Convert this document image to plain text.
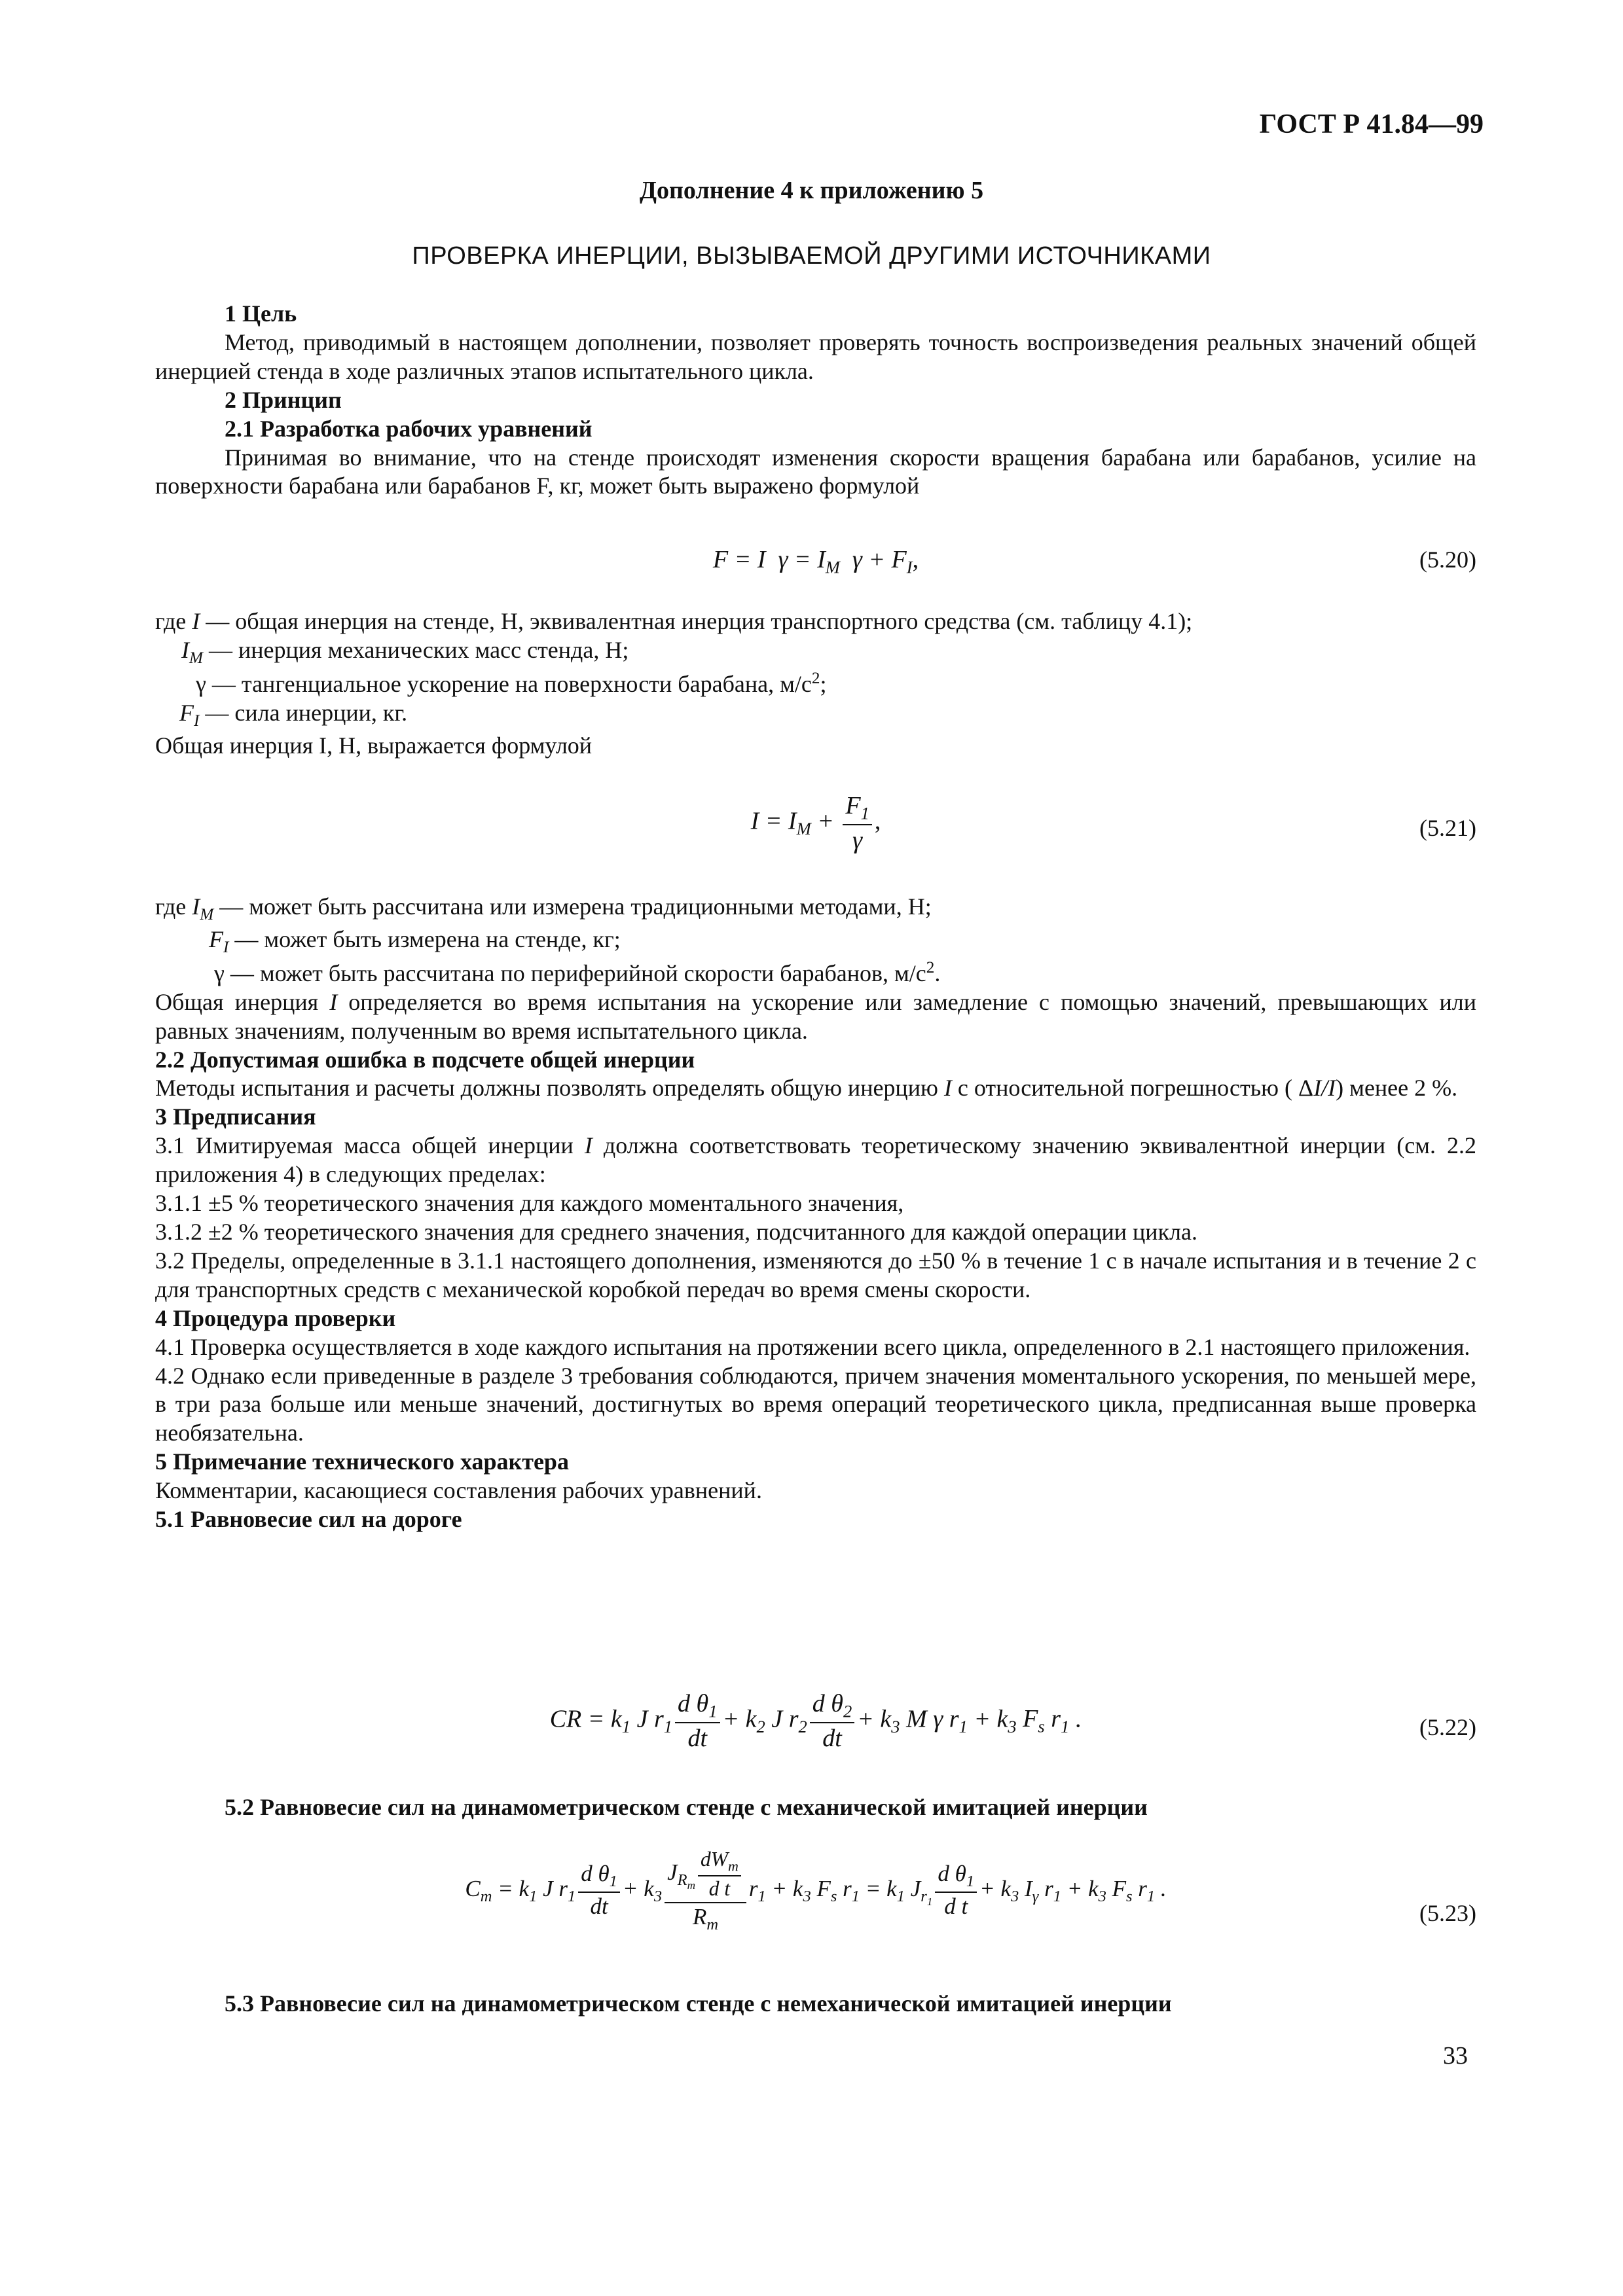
ГОСТ Р 41.84—99
Дополнение 4 к приложению 5
ПРОВЕРКА ИНЕРЦИИ, ВЫЗЫВАЕМОЙ ДРУГИМИ ИСТОЧНИКАМИ

1 Цель

Метод, приводимый в настоящем дополнении, позволяет проверять точность воспроизведения реальных значений общей инерцией стенда в ходе различных этапов испытательного цикла.

2 Принцип

2.1 Разработка рабочих уравнений

Принимая во внимание, что на стенде происходят изменения скорости вращения барабана или барабанов, усилие на поверхности барабана или барабанов F, кг, может быть выражено формулой

F = I  $\gamma = I_M$  $\gamma + F_I$,	(5.20)

где I — общая инерция на стенде, Н, эквивалентная инерция транспортного средства (см. таблицу 4.1);

$I_M$ — инерция механических масс стенда, Н;

γ — тангенциальное ускорение на поверхности барабана, $м/с^2$;

$F_I$ — сила инерции, кг.

Общая инерция I, Н, выражается формулой

$I = I_M + \frac{F_1}{\gamma}$ ,	(5.21)

где $I_M$ — может быть рассчитана или измерена традиционными методами, Н;

$F_I$ — может быть измерена на стенде, кг;

γ — может быть рассчитана по периферийной скорости барабанов, $м/с^2$.

Общая инерция I определяется во время испытания на ускорение или замедление с помощью значений, превышающих или равных значениям, полученным во время испытательного цикла.

2.2 Допустимая ошибка в подсчете общей инерции

Методы испытания и расчеты должны позволять определять общую инерцию I с относительной погрешностью ( ΔI/I) менее 2 %.

3 Предписания

3.1 Имитируемая масса общей инерции I должна соответствовать теоретическому значению эквивалентной инерции (см. 2.2 приложения 4) в следующих пределах:

3.1.1 ±5 % теоретического значения для каждого моментального значения,

3.1.2 ±2 % теоретического значения для среднего значения, подсчитанного для каждой операции цикла.

3.2 Пределы, определенные в 3.1.1 настоящего дополнения, изменяются до ±50 % в течение 1 с в начале испытания и в течение 2 с для транспортных средств с механической коробкой передач во время смены скорости.

4 Процедура проверки

4.1 Проверка осуществляется в ходе каждого испытания на протяжении всего цикла, определенного в 2.1 настоящего приложения.

4.2 Однако если приведенные в разделе 3 требования соблюдаются, причем значения моментального ускорения, по меньшей мере, в три раза больше или меньше значений, достигнутых во время операций теоретического цикла, предписанная выше проверка необязательна.

5 Примечание технического характера

Комментарии, касающиеся составления рабочих уравнений.

5.1 Равновесие сил на дороге

CR = $k_1$ J $r_1 \frac{d \theta_1}{dt} + k_2$ J $r_2 \frac{d \theta_2}{dt} + k_3$ M γ $r_1 + k_3$ $F_s$ $r_1$ .	(5.22)

5.2 Равновесие сил на динамометрическом стенде с механической имитацией инерции

$C_m = k_1$ J $r_1 \frac{d \theta_1}{dt} + k_3 \frac{J_{R_m} \frac{dW_m}{\text{d t}}}{R_m} r_1 + k_3$ $F_s$ $r_1 = k_1$ $J_{r_1} \frac{d \theta_1}{\text{d t}} + k_3$ $I_\gamma$ $r_1 + k_3$ $F_s$ $r_1$ .
(5.23)

5.3 Равновесие сил на динамометрическом стенде с немеханической имитацией инерции

33
